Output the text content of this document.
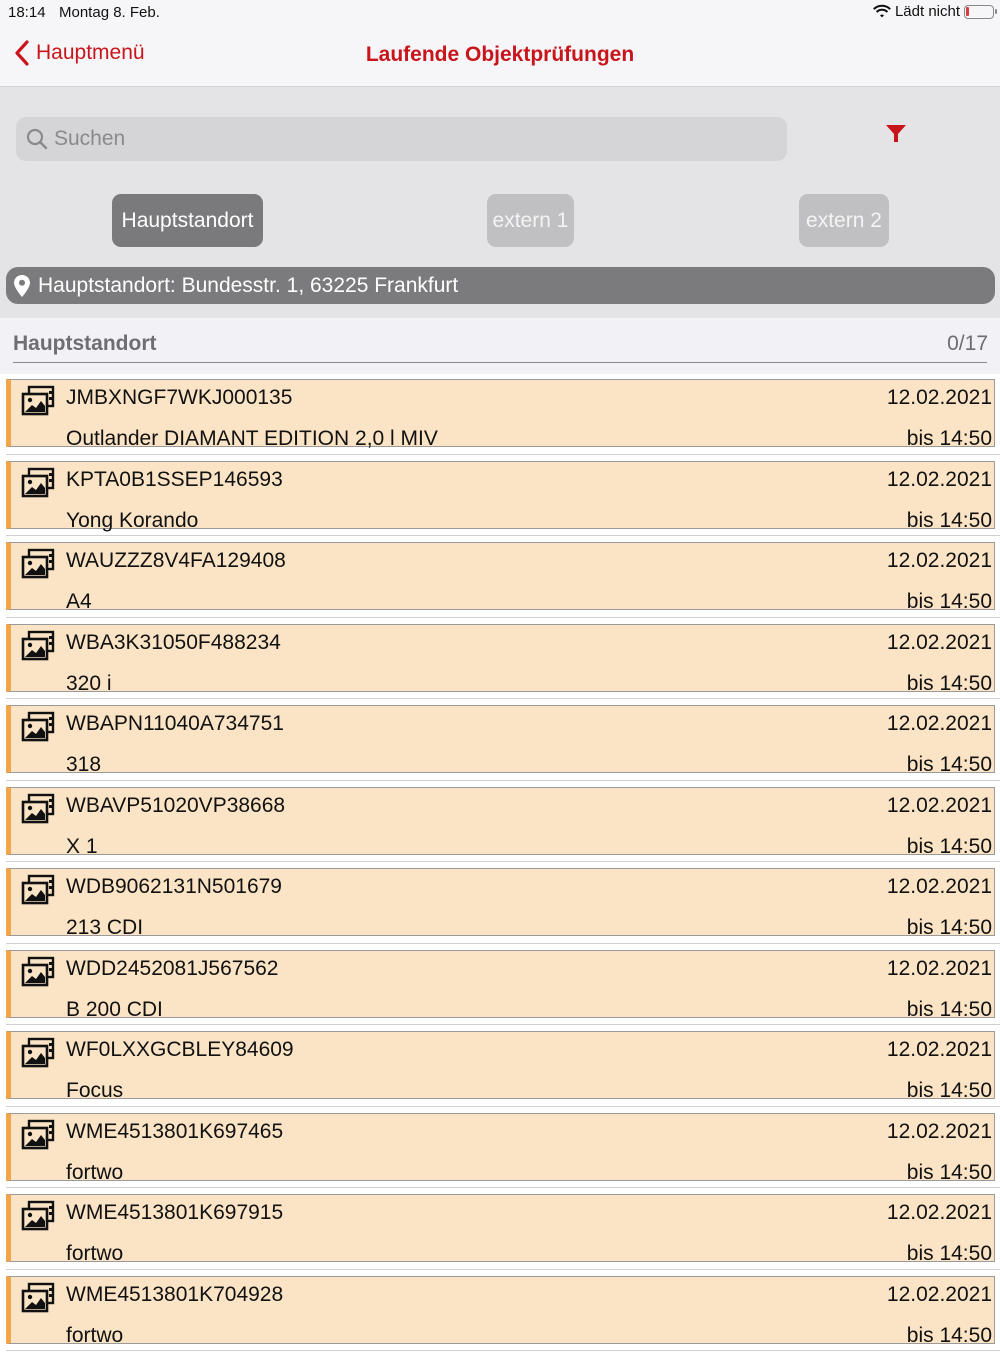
18:14 Montag 8. Feb.	Lädt nicht
Hauptmenü	Laufende Objektprüfungen
Suchen
Hauptstandort	extern 1	extern 2
Hauptstandort: Bundesstr. 1, 63225 Frankfurt
Hauptstandort	0/17
JMBXNGF7WKJ000135
Outlander DIAMANT EDITION 2,0 l MIV
12.02.2021
bis 14:50
KPTA0B1SSEP146593
Yong Korando
12.02.2021
bis 14:50
WAUZZZ8V4FA129408
A4
12.02.2021
bis 14:50
WBA3K31050F488234
320 i
12.02.2021
bis 14:50
WBAPN11040A734751
318
12.02.2021
bis 14:50
WBAVP51020VP38668
X 1
12.02.2021
bis 14:50
WDB9062131N501679
213 CDI
12.02.2021
bis 14:50
WDD2452081J567562
B 200 CDI
12.02.2021
bis 14:50
WF0LXXGCBLEY84609
Focus
12.02.2021
bis 14:50
WME4513801K697465
fortwo
12.02.2021
bis 14:50
WME4513801K697915
fortwo
12.02.2021
bis 14:50
WME4513801K704928
fortwo
12.02.2021
bis 14:50
